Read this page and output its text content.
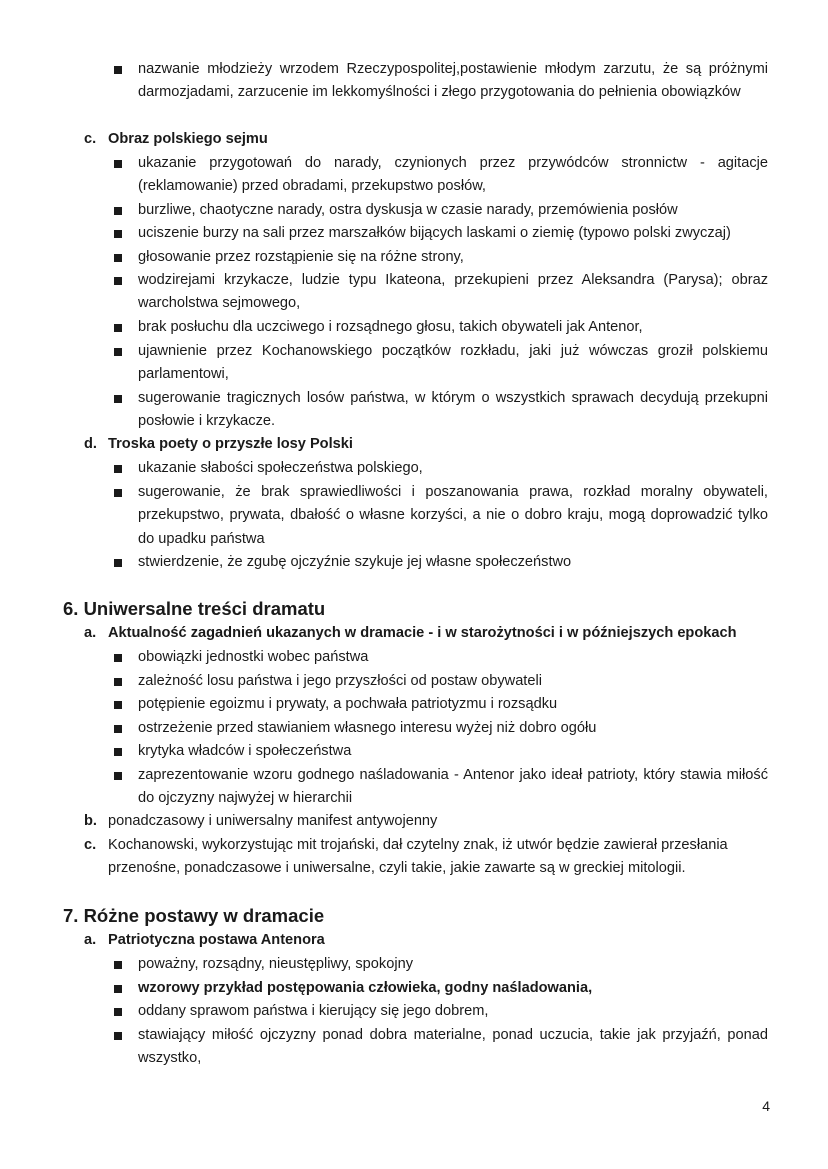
4
nazwanie młodzieży wrzodem Rzeczypospolitej,postawienie młodym zarzutu, że są próżnymi darmozjadami, zarzucenie im lekkomyślności i złego przygotowania do pełnienia obowiązków
c. Obraz polskiego sejmu
ukazanie przygotowań do narady, czynionych przez przywódców stronnictw - agitacje (reklamowanie) przed obradami, przekupstwo posłów,
burzliwe, chaotyczne narady, ostra dyskusja w czasie narady, przemówienia posłów
uciszenie burzy na sali przez marszałków bijących laskami o ziemię (typowo polski zwyczaj)
głosowanie przez rozstąpienie się na różne strony,
wodzirejami krzykacze, ludzie typu Ikateona, przekupieni przez Aleksandra (Parysa); obraz warcholstwa sejmowego,
brak posłuchu dla uczciwego i rozsądnego głosu, takich obywateli jak Antenor,
ujawnienie przez Kochanowskiego początków rozkładu, jaki już wówczas groził polskiemu parlamentowi,
sugerowanie tragicznych losów państwa, w którym o wszystkich sprawach decydują przekupni posłowie i krzykacze.
d. Troska poety o przyszłe losy Polski
ukazanie słabości społeczeństwa polskiego,
sugerowanie, że brak sprawiedliwości i poszanowania prawa, rozkład moralny obywateli, przekupstwo, prywata, dbałość o własne korzyści, a nie o dobro kraju, mogą doprowadzić tylko do upadku państwa
stwierdzenie, że zgubę ojczyźnie szykuje jej własne społeczeństwo
6. Uniwersalne treści dramatu
a. Aktualność zagadnień ukazanych w dramacie - i w starożytności i w późniejszych epokach
obowiązki jednostki wobec państwa
zależność losu państwa i jego przyszłości od postaw obywateli
potępienie egoizmu i prywaty, a pochwała patriotyzmu i rozsądku
ostrzeżenie przed stawianiem własnego interesu wyżej niż dobro ogółu
krytyka władców i społeczeństwa
zaprezentowanie wzoru godnego naśladowania - Antenor jako ideał patrioty, który stawia miłość do ojczyzny najwyżej w hierarchii
b. ponadczasowy i uniwersalny manifest antywojenny
c. Kochanowski, wykorzystując mit trojański, dał czytelny znak, iż utwór będzie zawierał przesłania przenośne, ponadczasowe i uniwersalne, czyli takie, jakie zawarte są w greckiej mitologii.
7. Różne postawy w dramacie
a. Patriotyczna postawa Antenora
poważny, rozsądny, nieustępliwy, spokojny
wzorowy przykład postępowania człowieka, godny naśladowania,
oddany sprawom państwa i kierujący się jego dobrem,
stawiający miłość ojczyzny ponad dobra materialne, ponad uczucia, takie jak przyjaźń, ponad wszystko,
